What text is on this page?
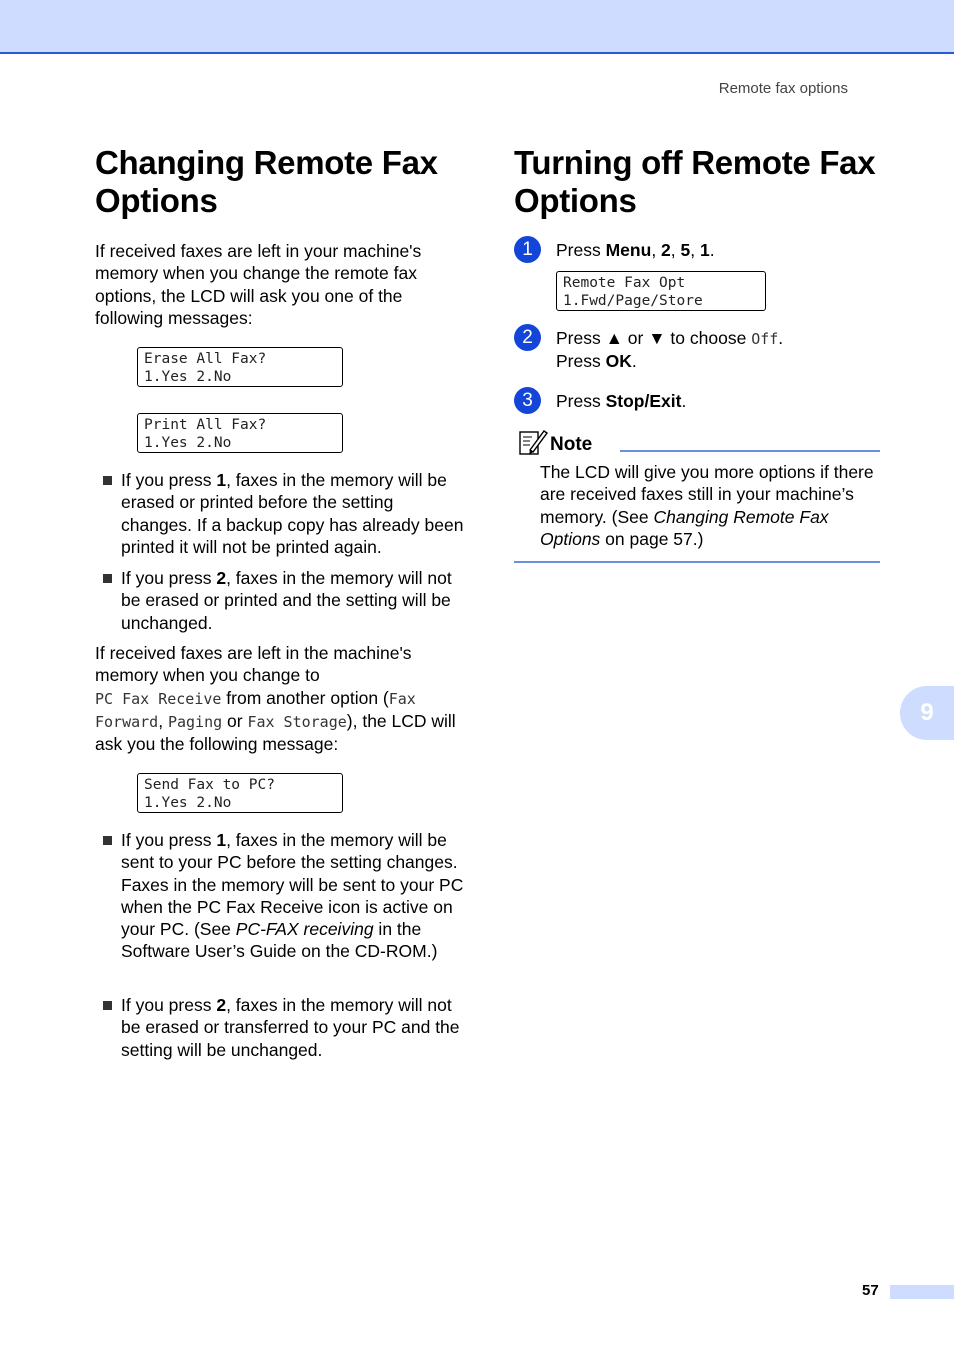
Remote fax options
Changing Remote Fax
Options

If received faxes are left in your machine's memory when you change the remote fax options, the LCD will ask you one of the following messages:

Erase All Fax?
1.Yes 2.No
Print All Fax?
1.Yes 2.No
If you press 1, faxes in the memory will be erased or printed before the setting changes. If a backup copy has already been printed it will not be printed again.
If you press 2, faxes in the memory will not be erased or printed and the setting will be unchanged.

If received faxes are left in the machine's memory when you change to
PC Fax Receive from another option (Fax Forward, Paging or Fax Storage), the LCD will ask you the following message:

Send Fax to PC?
1.Yes 2.No
If you press 1, faxes in the memory will be sent to your PC before the setting changes. Faxes in the memory will be sent to your PC when the PC Fax Receive icon is active on your PC. (See PC-FAX receiving in the Software User’s Guide on the CD-ROM.)
If you press 2, faxes in the memory will not be erased or transferred to your PC and the setting will be unchanged.
Turning off Remote Fax
Options
1	Press Menu, 2, 5, 1.
Remote Fax Opt
1.Fwd/Page/Store
2	Press ▲ or ▼ to choose Off.
Press OK.
3	Press Stop/Exit.
Note

The LCD will give you more options if there are received faxes still in your machine’s memory. (See Changing Remote Fax Options on page 57.)

9
57
